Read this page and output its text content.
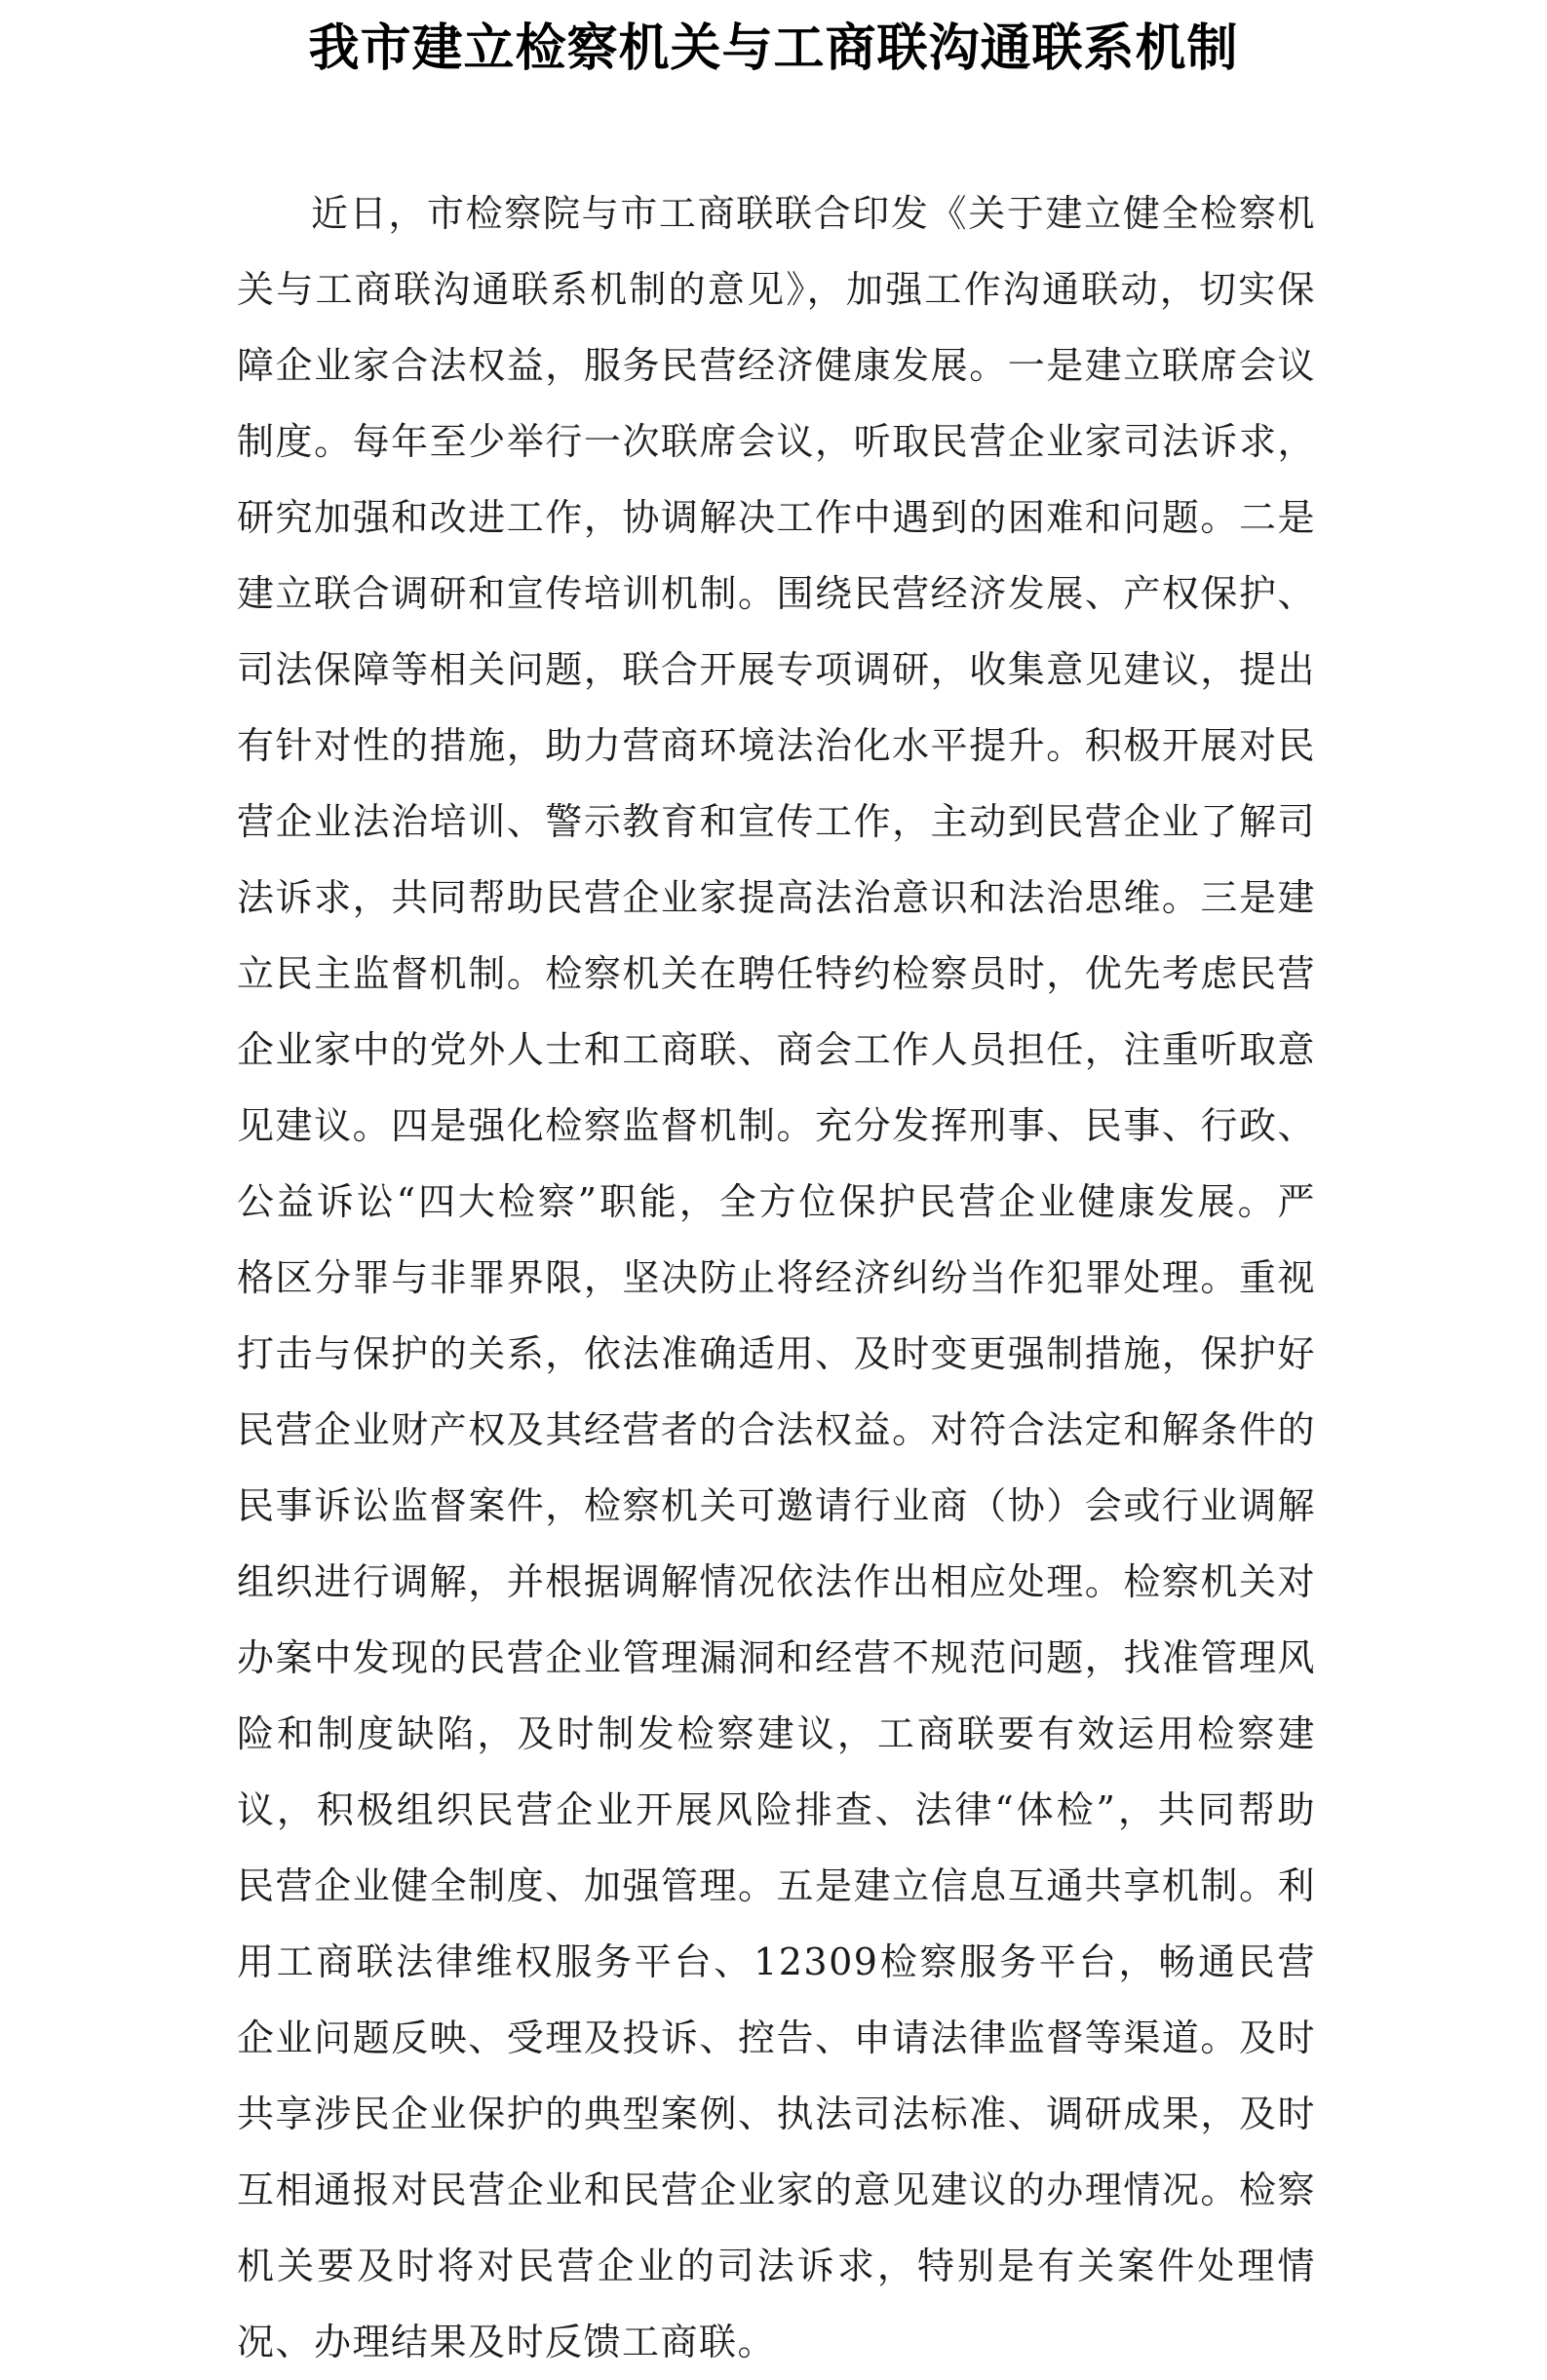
我市建立检察机关与工商联沟通联系机制

近日，市检察院与市工商联联合印发《关于建立健全检察机关与工商联沟通联系机制的意见》，加强工作沟通联动，切实保障企业家合法权益，服务民营经济健康发展。一是建立联席会议制度。每年至少举行一次联席会议，听取民营企业家司法诉求，研究加强和改进工作，协调解决工作中遇到的困难和问题。二是建立联合调研和宣传培训机制。围绕民营经济发展、产权保护、司法保障等相关问题，联合开展专项调研，收集意见建议，提出有针对性的措施，助力营商环境法治化水平提升。积极开展对民营企业法治培训、警示教育和宣传工作，主动到民营企业了解司法诉求，共同帮助民营企业家提高法治意识和法治思维。三是建立民主监督机制。检察机关在聘任特约检察员时，优先考虑民营企业家中的党外人士和工商联、商会工作人员担任，注重听取意见建议。四是强化检察监督机制。充分发挥刑事、民事、行政、公益诉讼“四大检察”职能，全方位保护民营企业健康发展。严格区分罪与非罪界限，坚决防止将经济纠纷当作犯罪处理。重视打击与保护的关系，依法准确适用、及时变更强制措施，保护好民营企业财产权及其经营者的合法权益。对符合法定和解条件的民事诉讼监督案件，检察机关可邀请行业商（协）会或行业调解组织进行调解，并根据调解情况依法作出相应处理。检察机关对办案中发现的民营企业管理漏洞和经营不规范问题，找准管理风险和制度缺陷，及时制发检察建议，工商联要有效运用检察建议，积极组织民营企业开展风险排查、法律“体检”，共同帮助民营企业健全制度、加强管理。五是建立信息互通共享机制。利用工商联法律维权服务平台、12309检察服务平台，畅通民营企业问题反映、受理及投诉、控告、申请法律监督等渠道。及时共享涉民企业保护的典型案例、执法司法标准、调研成果，及时互相通报对民营企业和民营企业家的意见建议的办理情况。检察机关要及时将对民营企业的司法诉求，特别是有关案件处理情况、办理结果及时反馈工商联。
